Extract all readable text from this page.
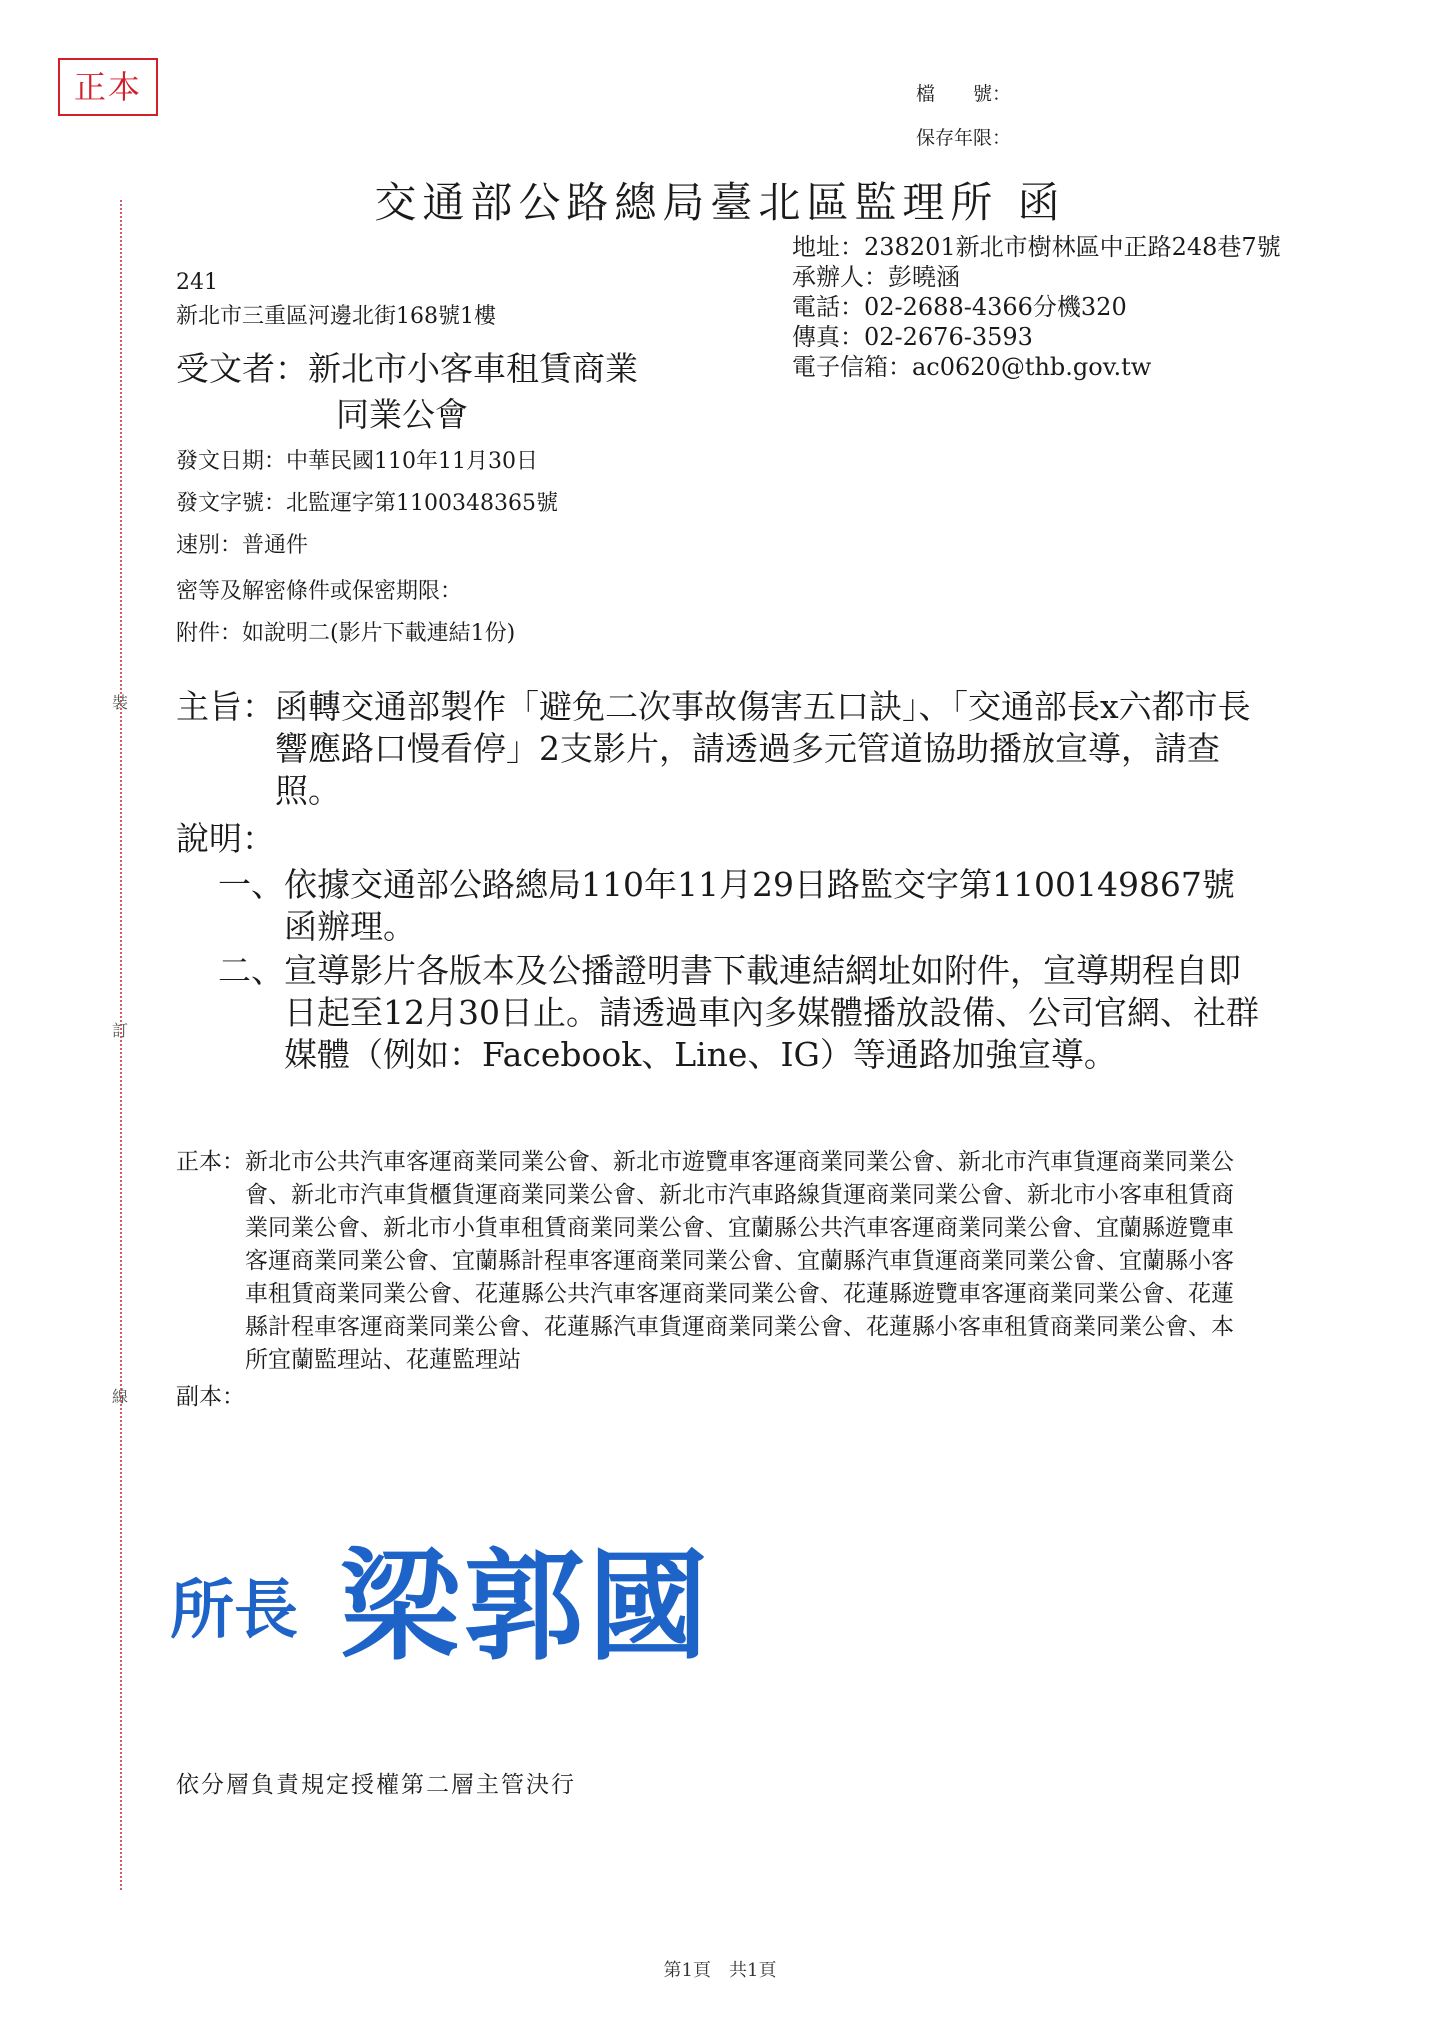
裝
訂
線
正本	檔　　號：
保存年限：
交通部公路總局臺北區監理所 函
地址：238201新北市樹林區中正路248巷7號
承辦人：彭曉涵
電話：02-2688-4366分機320
傳真：02-2676-3593
電子信箱：ac0620@thb.gov.tw
241
新北市三重區河邊北街168號1樓
受文者：新北市小客車租賃商業
同業公會
發文日期：中華民國110年11月30日
發文字號：北監運字第1100348365號
速別：普通件
密等及解密條件或保密期限：
附件：如說明二(影片下載連結1份)
主旨： 函轉交通部製作「避免二次事故傷害五口訣」、「交通部長x六都市長響應路口慢看停」2支影片，請透過多元管道協助播放宣導，請查照。
說明：
一、 依據交通部公路總局110年11月29日路監交字第1100149867號函辦理。
二、 宣導影片各版本及公播證明書下載連結網址如附件，宣導期程自即日起至12月30日止。請透過車內多媒體播放設備、公司官網、社群媒體（例如：Facebook、Line、IG）等通路加強宣導。
正本： 新北市公共汽車客運商業同業公會、新北市遊覽車客運商業同業公會、新北市汽車貨運商業同業公會、新北市汽車貨櫃貨運商業同業公會、新北市汽車路線貨運商業同業公會、新北市小客車租賃商業同業公會、新北市小貨車租賃商業同業公會、宜蘭縣公共汽車客運商業同業公會、宜蘭縣遊覽車客運商業同業公會、宜蘭縣計程車客運商業同業公會、宜蘭縣汽車貨運商業同業公會、宜蘭縣小客車租賃商業同業公會、花蓮縣公共汽車客運商業同業公會、花蓮縣遊覽車客運商業同業公會、花蓮縣計程車客運商業同業公會、花蓮縣汽車貨運商業同業公會、花蓮縣小客車租賃商業同業公會、本所宜蘭監理站、花蓮監理站
副本：
所長 梁郭國
依分層負責規定授權第二層主管決行
第1頁　共1頁
